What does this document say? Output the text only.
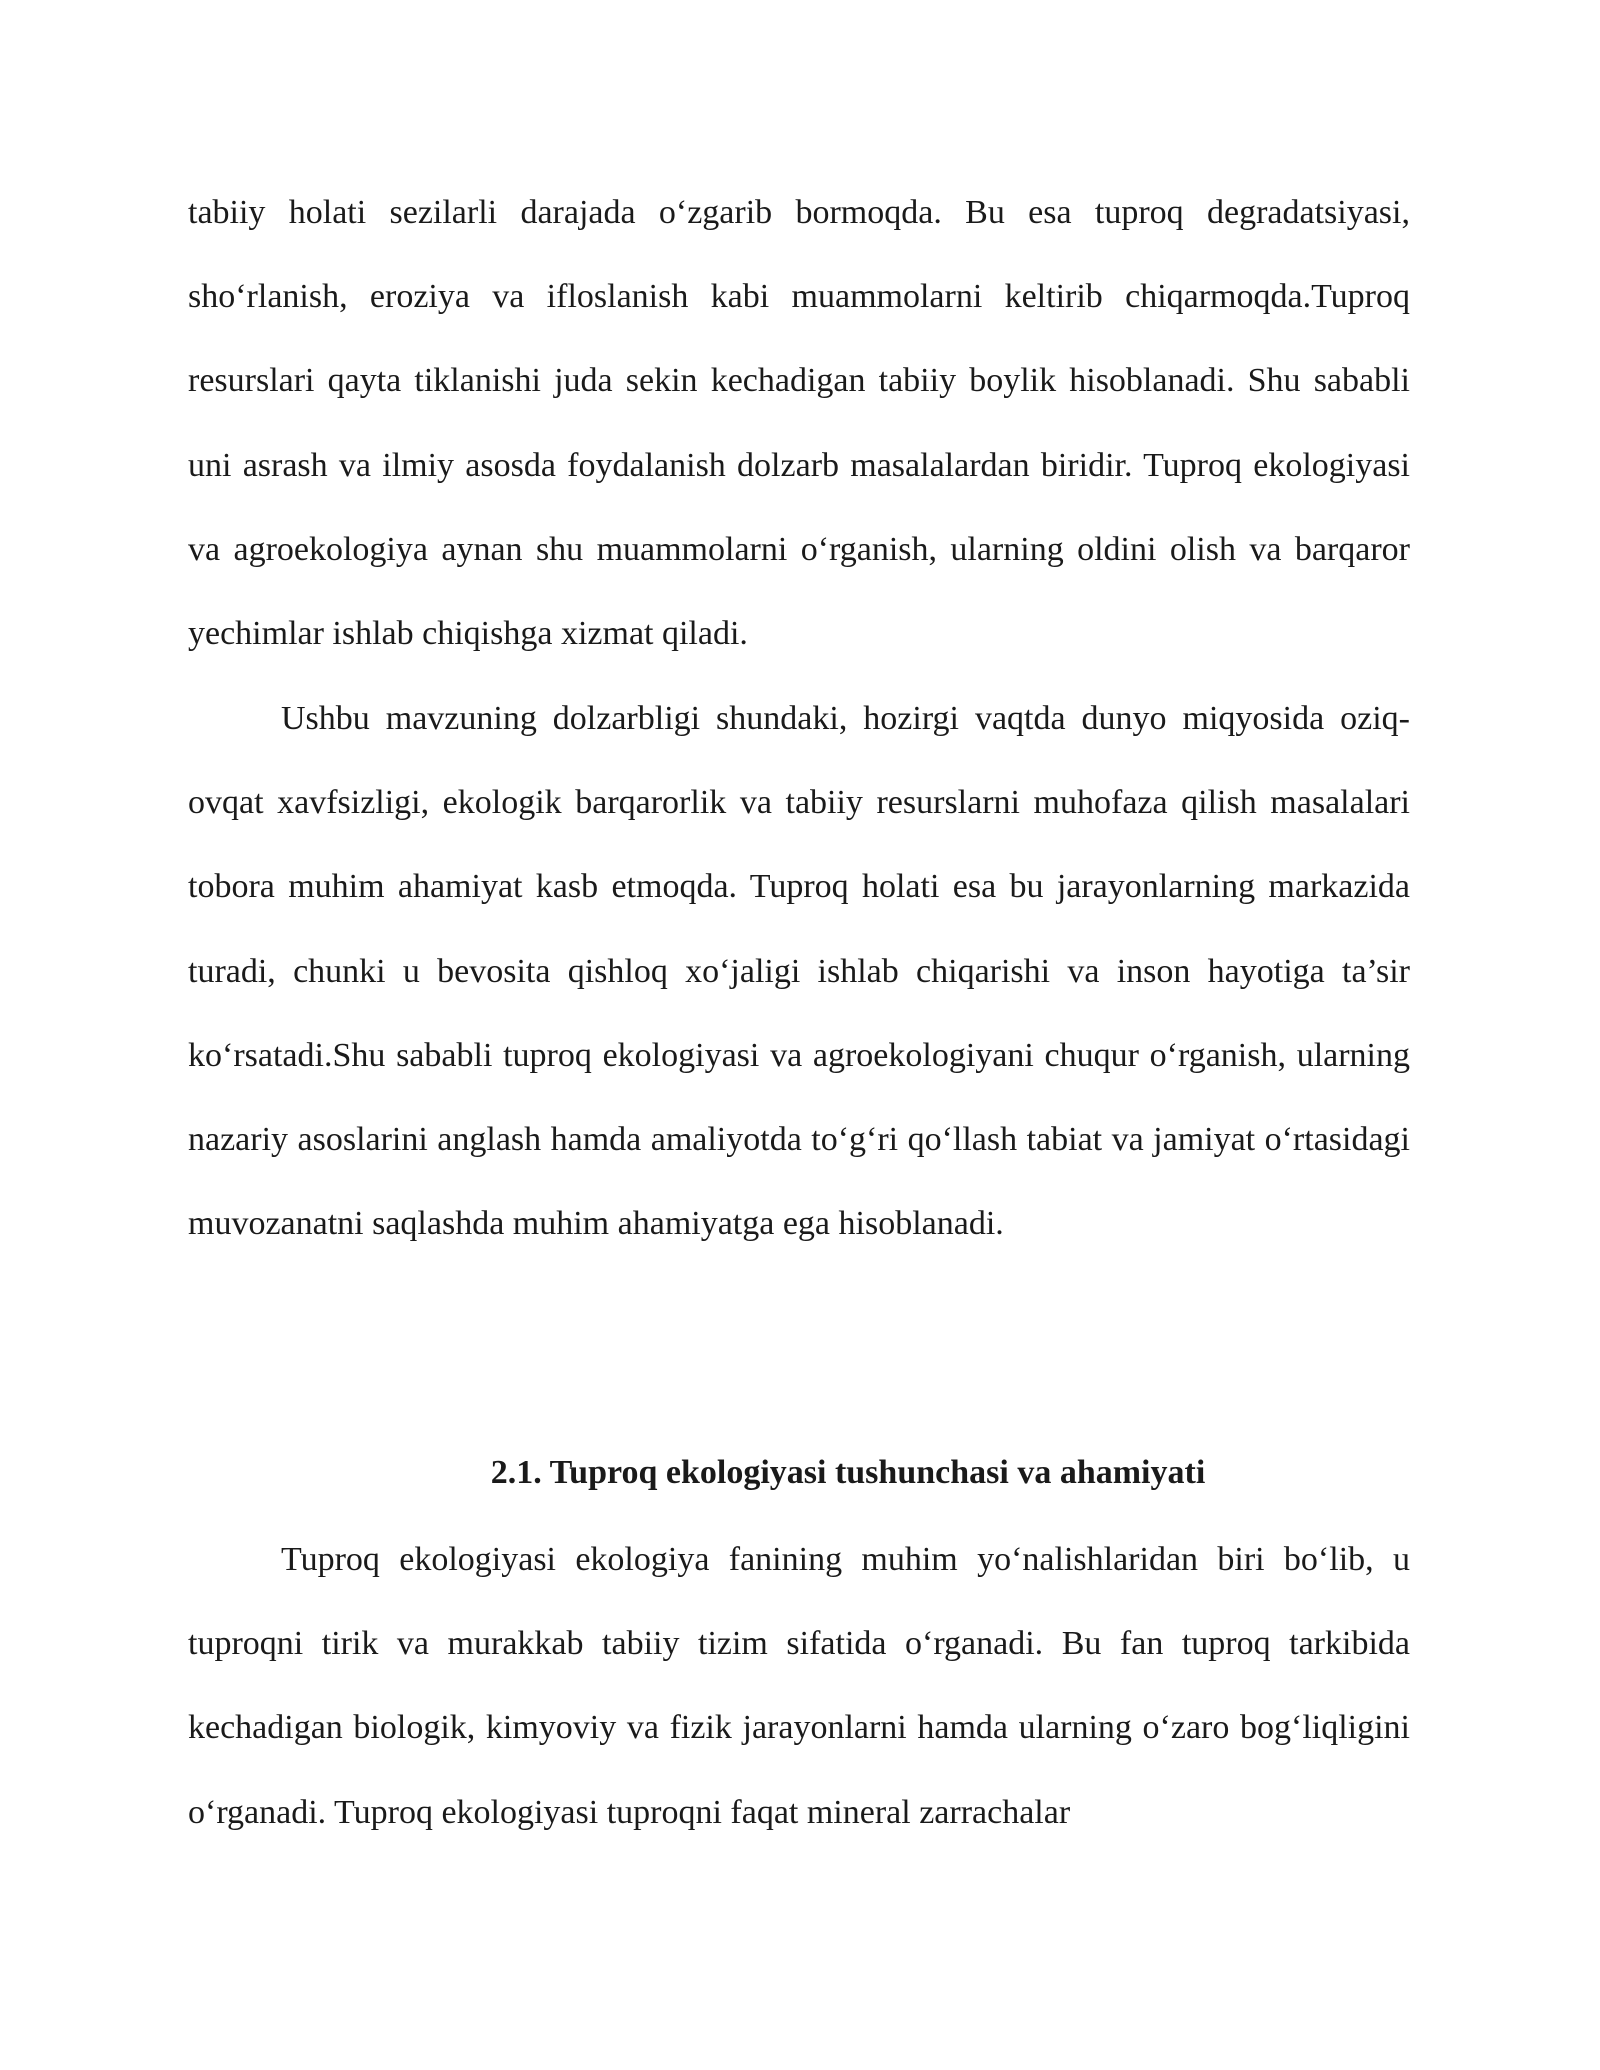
tabiiy holati sezilarli darajada o‘zgarib bormoqda. Bu esa tuproq degradatsiyasi, sho‘rlanish, eroziya va ifloslanish kabi muammolarni keltirib chiqarmoqda.Tuproq resurslari qayta tiklanishi juda sekin kechadigan tabiiy boylik hisoblanadi. Shu sababli uni asrash va ilmiy asosda foydalanish dolzarb masalalardan biridir. Tuproq ekologiyasi va agroekologiya aynan shu muammolarni o‘rganish, ularning oldini olish va barqaror yechimlar ishlab chiqishga xizmat qiladi.

Ushbu mavzuning dolzarbligi shundaki, hozirgi vaqtda dunyo miqyosida oziq-ovqat xavfsizligi, ekologik barqarorlik va tabiiy resurslarni muhofaza qilish masalalari tobora muhim ahamiyat kasb etmoqda. Tuproq holati esa bu jarayonlarning markazida turadi, chunki u bevosita qishloq xo‘jaligi ishlab chiqarishi va inson hayotiga ta’sir ko‘rsatadi.Shu sababli tuproq ekologiyasi va agroekologiyani chuqur o‘rganish, ularning nazariy asoslarini anglash hamda amaliyotda to‘g‘ri qo‘llash tabiat va jamiyat o‘rtasidagi muvozanatni saqlashda muhim ahamiyatga ega hisoblanadi.

2.1. Tuproq ekologiyasi tushunchasi va ahamiyati

Tuproq ekologiyasi ekologiya fanining muhim yo‘nalishlaridan biri bo‘lib, u tuproqni tirik va murakkab tabiiy tizim sifatida o‘rganadi. Bu fan tuproq tarkibida kechadigan biologik, kimyoviy va fizik jarayonlarni hamda ularning o‘zaro bog‘liqligini o‘rganadi. Tuproq ekologiyasi tuproqni faqat mineral zarrachalar
